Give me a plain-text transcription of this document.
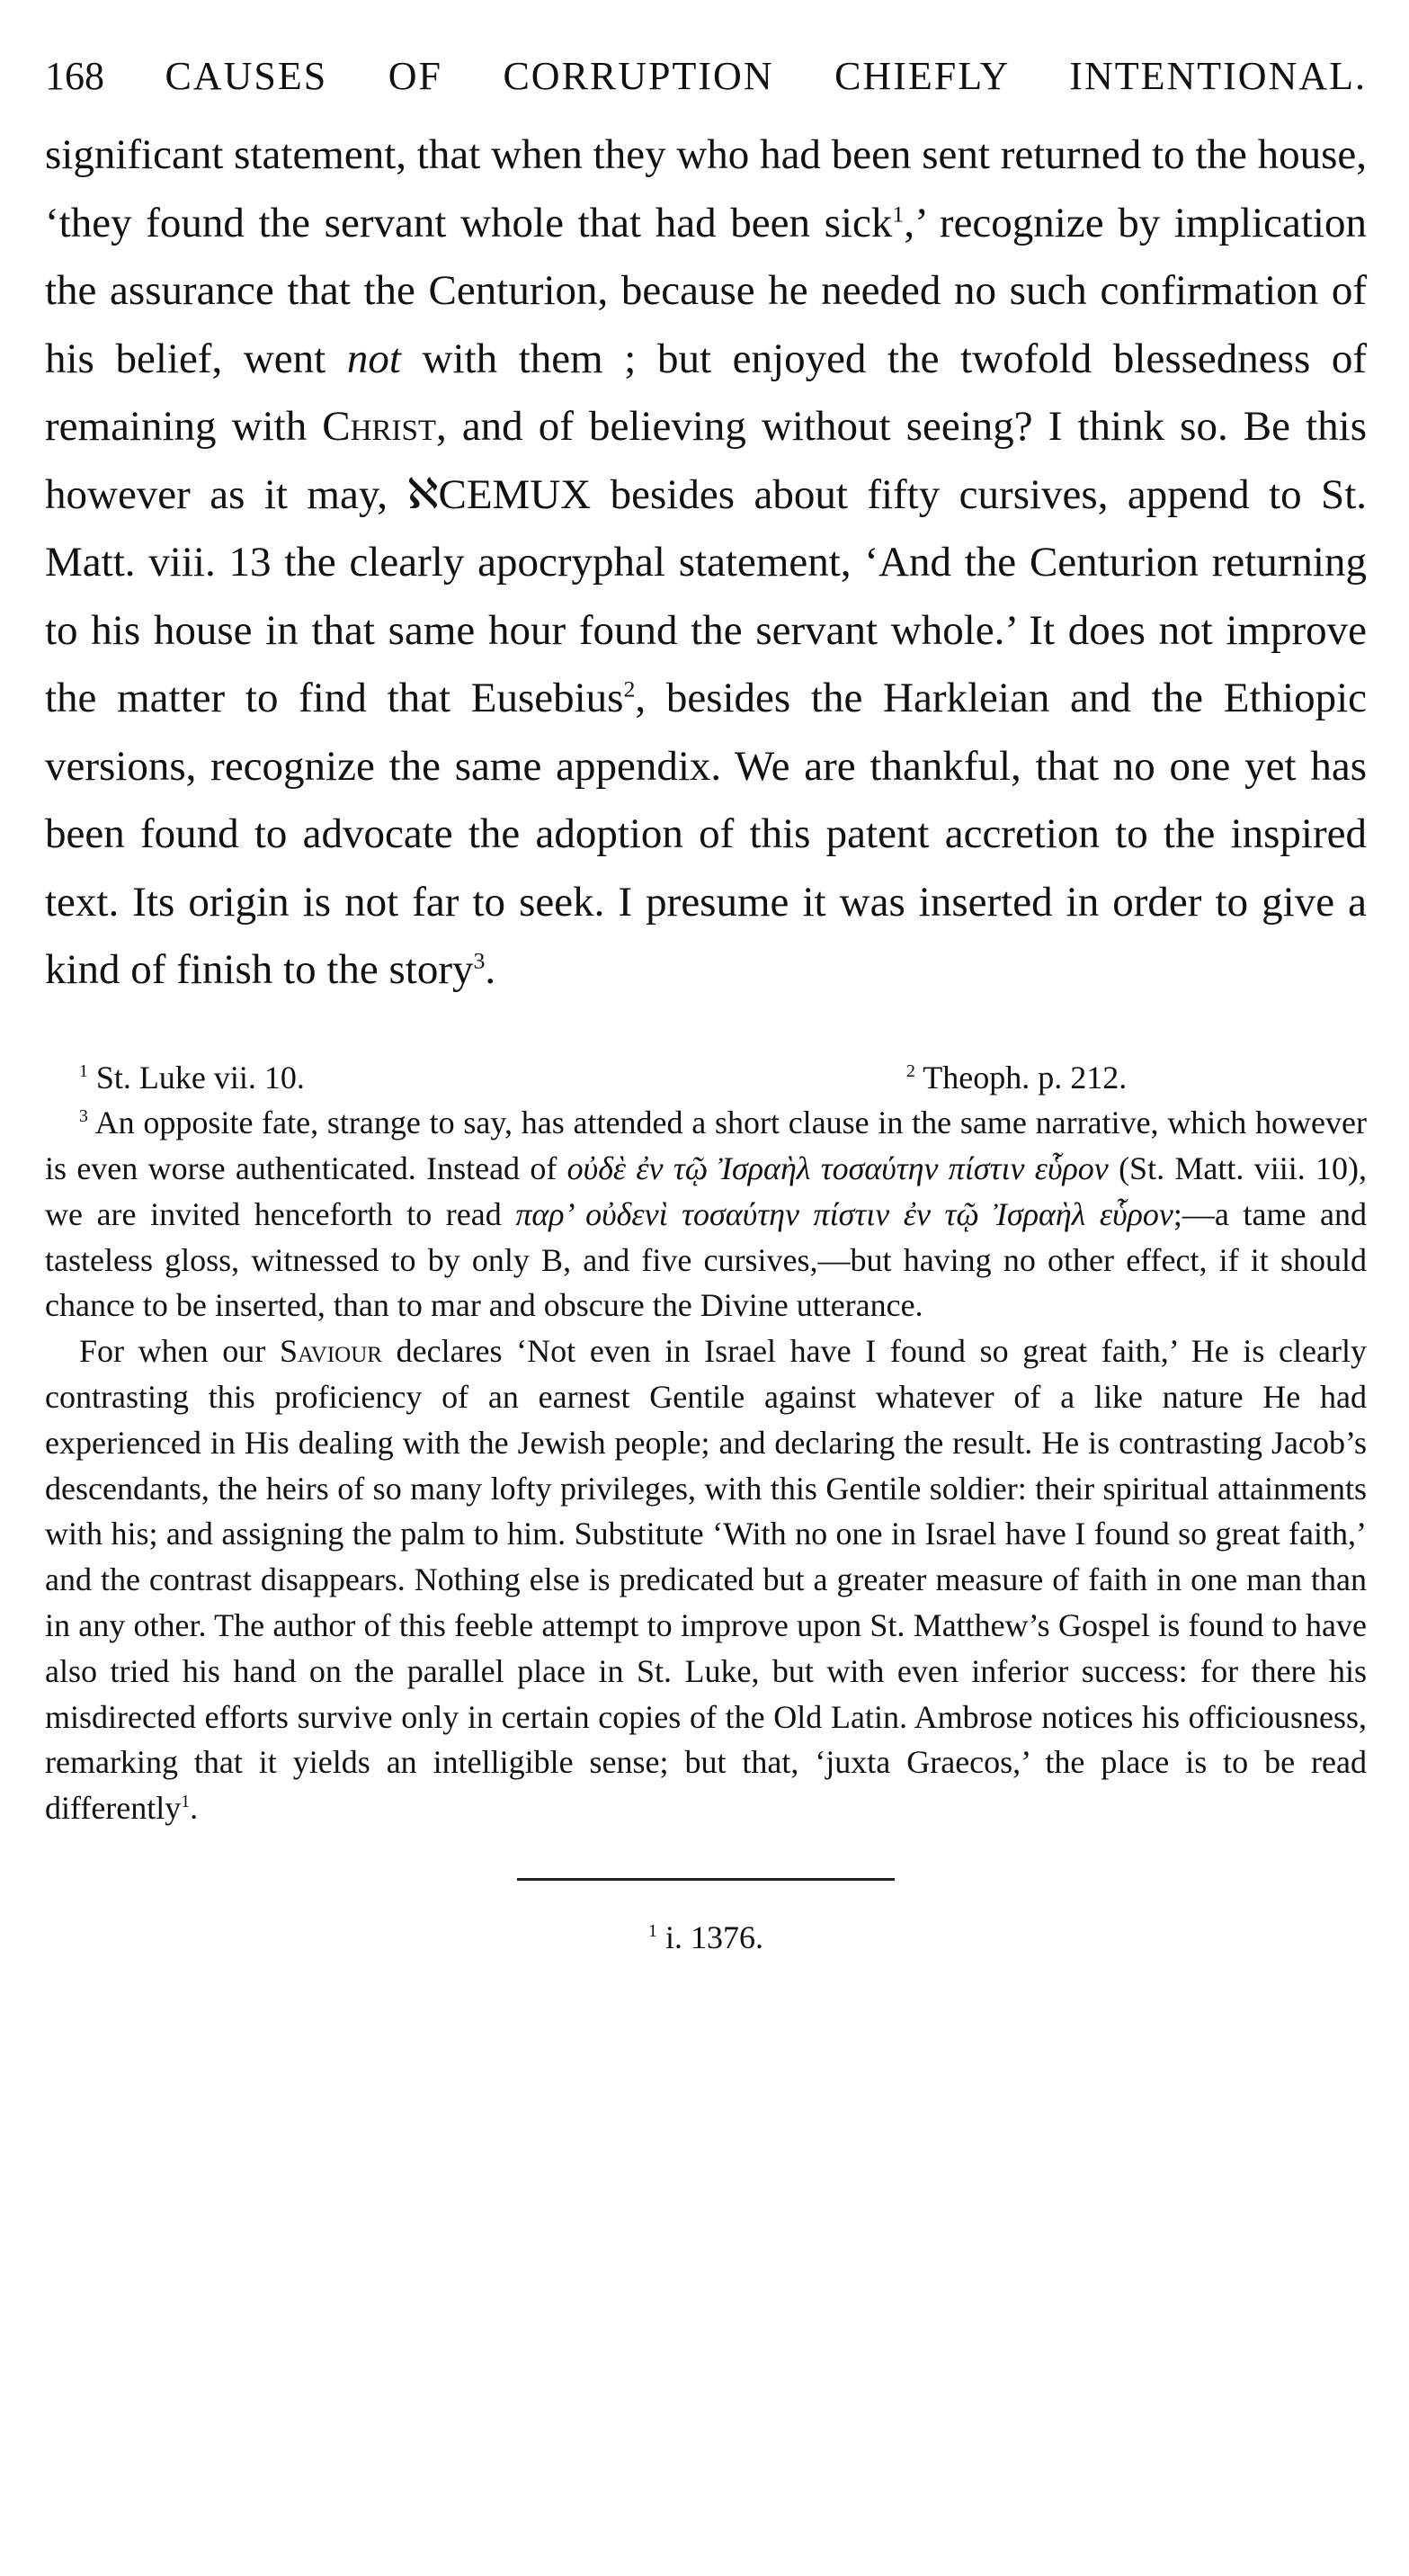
168 CAUSES OF CORRUPTION CHIEFLY INTENTIONAL.

significant statement, that when they who had been sent returned to the house, ‘they found the servant whole that had been sick$^1$,’ recognize by implication the assurance that the Centurion, because he needed no such confirmation of his belief, went not with them ; but enjoyed the twofold blessedness of remaining with Christ, and of believing without seeing? I think so. Be this however as it may, ℵCEMUX besides about fifty cursives, append to St. Matt. viii. 13 the clearly apocryphal statement, ‘And the Centurion returning to his house in that same hour found the servant whole.’ It does not improve the matter to find that Eusebius$^2$, besides the Harkleian and the Ethiopic versions, recognize the same appendix. We are thankful, that no one yet has been found to advocate the adoption of this patent accretion to the inspired text. Its origin is not far to seek. I presume it was inserted in order to give a kind of finish to the story$^3$.

$^1$ St. Luke vii. 10.	$^2$ Theoph. p. 212.

$^3$ An opposite fate, strange to say, has attended a short clause in the same narrative, which however is even worse authenticated. Instead of οὐδὲ ἐν τῷ Ἰσραὴλ τοσαύτην πίστιν εὗρον (St. Matt. viii. 10), we are invited henceforth to read παρ’ οὐδενὶ τοσαύτην πίστιν ἐν τῷ Ἰσραὴλ εὗρον;—a tame and tasteless gloss, witnessed to by only B, and five cursives,—but having no other effect, if it should chance to be inserted, than to mar and obscure the Divine utterance.

For when our Saviour declares ‘Not even in Israel have I found so great faith,’ He is clearly contrasting this proficiency of an earnest Gentile against whatever of a like nature He had experienced in His dealing with the Jewish people; and declaring the result. He is contrasting Jacob’s descendants, the heirs of so many lofty privileges, with this Gentile soldier: their spiritual attainments with his; and assigning the palm to him. Substitute ‘With no one in Israel have I found so great faith,’ and the contrast disappears. Nothing else is predicated but a greater measure of faith in one man than in any other. The author of this feeble attempt to improve upon St. Matthew’s Gospel is found to have also tried his hand on the parallel place in St. Luke, but with even inferior success: for there his misdirected efforts survive only in certain copies of the Old Latin. Ambrose notices his officiousness, remarking that it yields an intelligible sense; but that, ‘juxta Graecos,’ the place is to be read differently$^1$.

$^1$ i. 1376.
